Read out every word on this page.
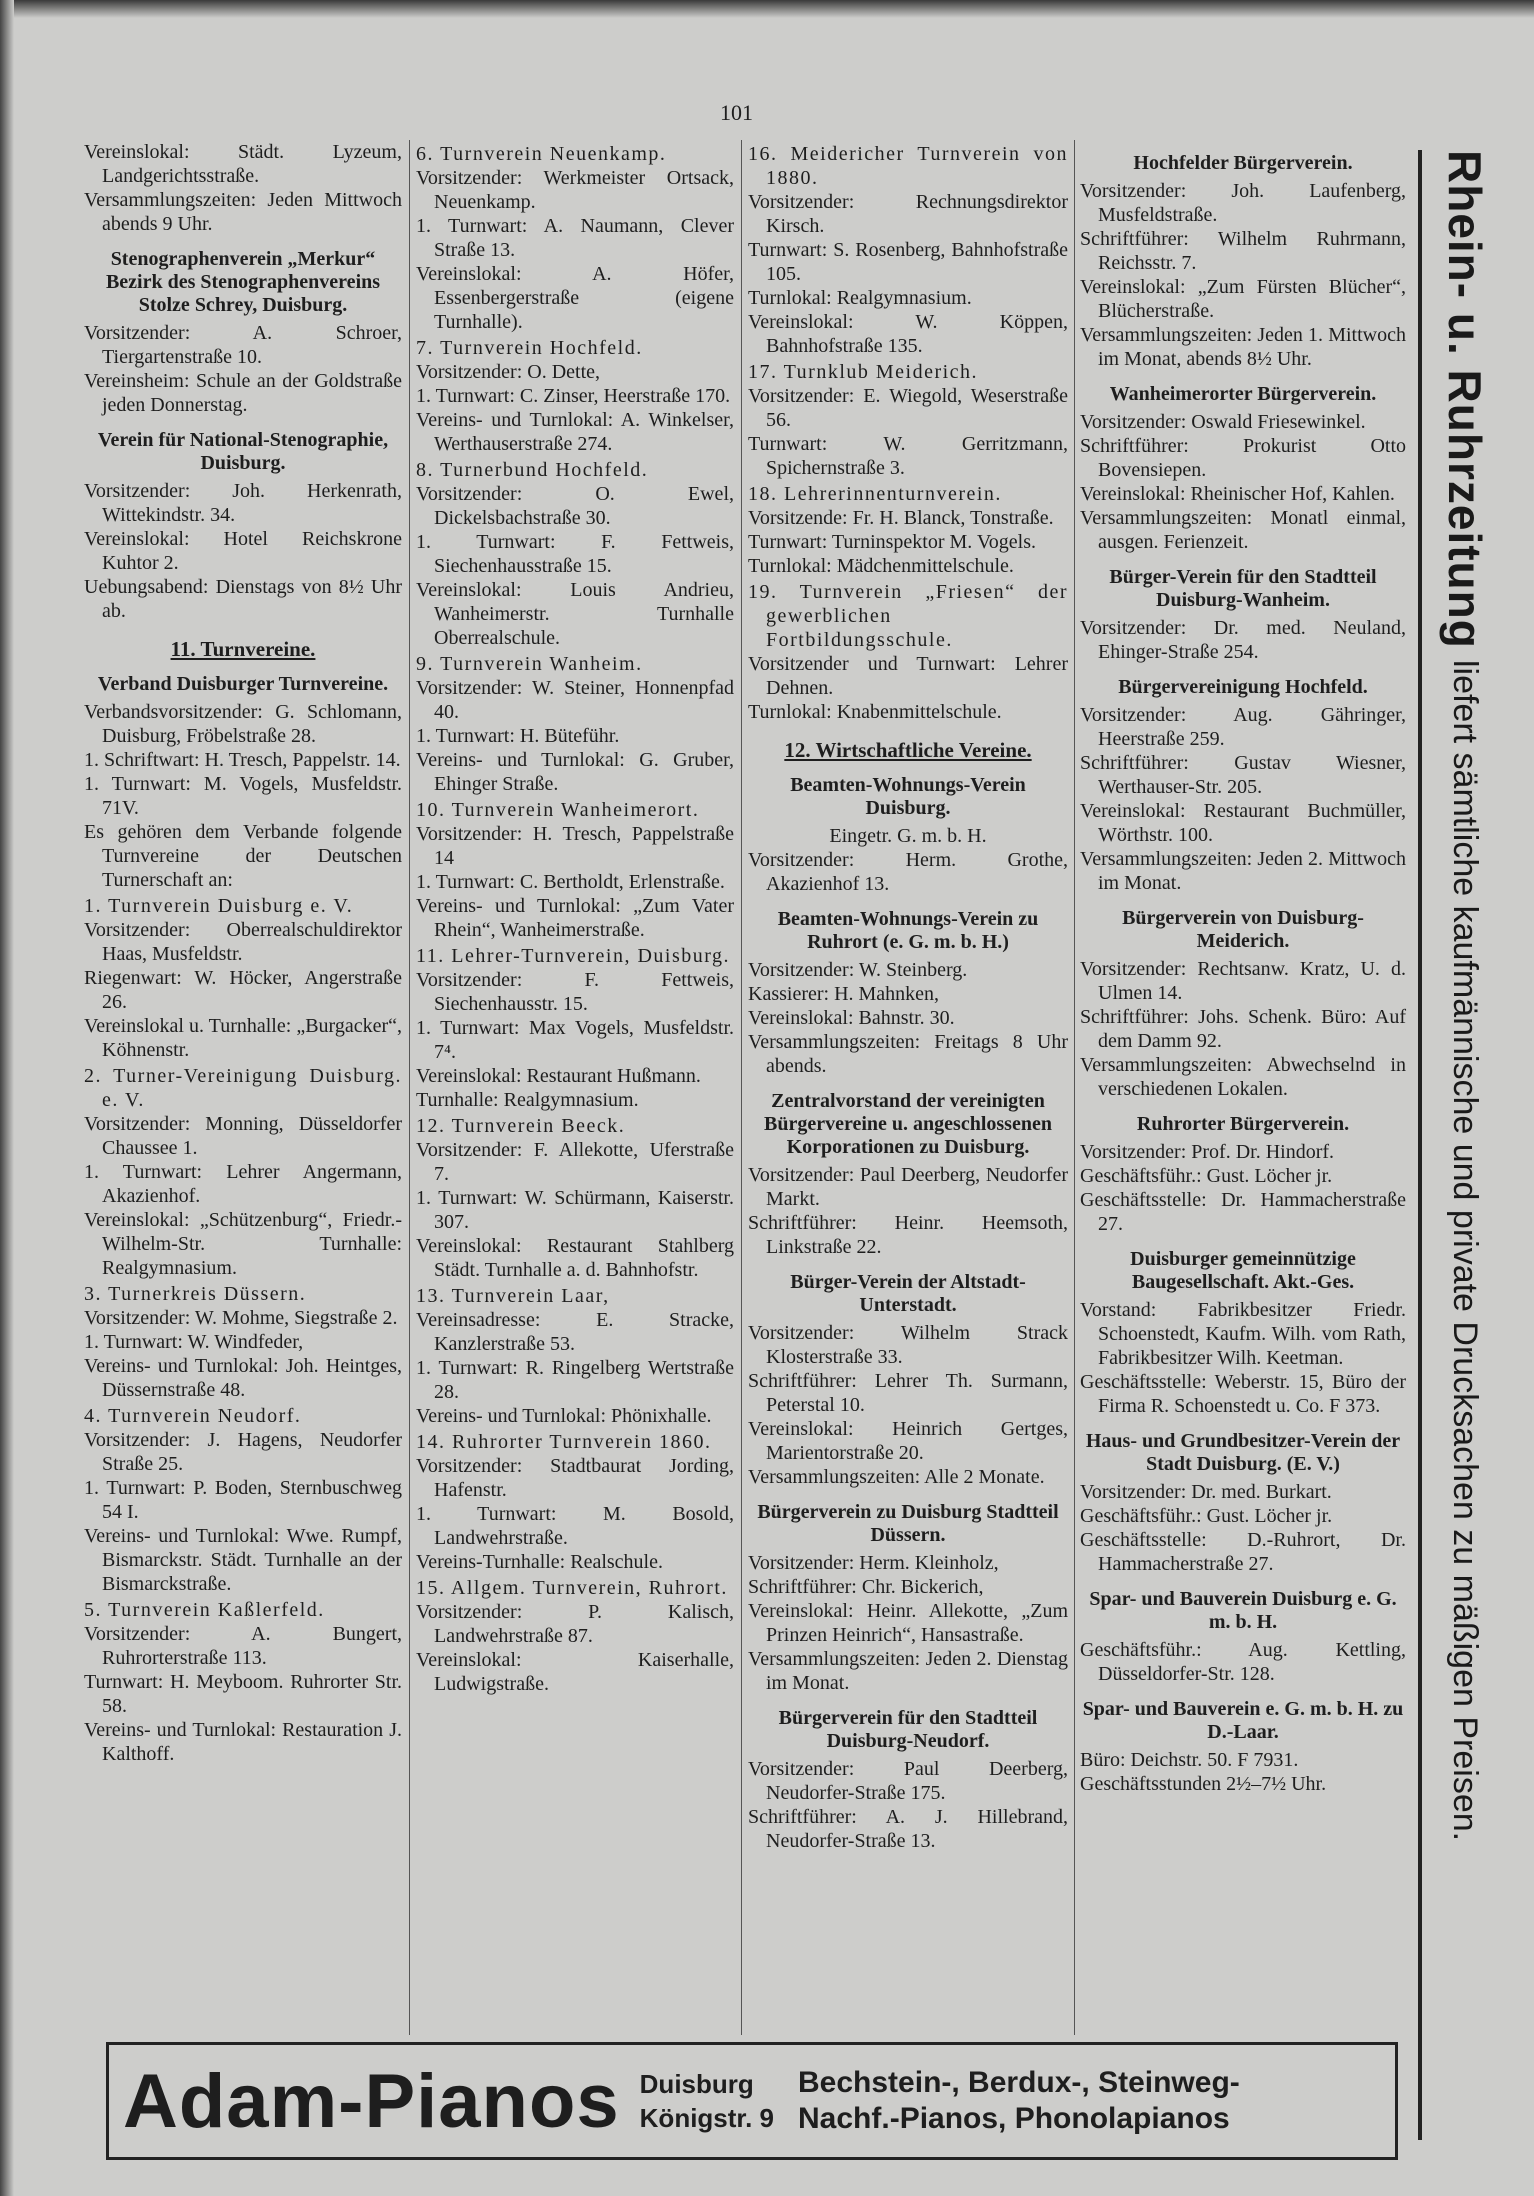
101
Vereinslokal: Städt. Lyzeum, Landgerichtsstraße.
Versammlungszeiten: Jeden Mittwoch abends 9 Uhr.
Stenographenverein „Merkur“ Bezirk des Stenographenvereins Stolze Schrey, Duisburg.
Vorsitzender: A. Schroer, Tiergartenstraße 10.
Vereinsheim: Schule an der Goldstraße jeden Donnerstag.
Verein für National-Stenographie, Duisburg.
Vorsitzender: Joh. Herkenrath, Wittekindstr. 34.
Vereinslokal: Hotel Reichskrone Kuhtor 2.
Uebungsabend: Dienstags von 8½ Uhr ab.
11. Turnvereine.
Verband Duisburger Turnvereine.
Verbandsvorsitzender: G. Schlomann, Duisburg, Fröbelstraße 28.
1. Schriftwart: H. Tresch, Pappelstr. 14.
1. Turnwart: M. Vogels, Musfeldstr. 71V.
Es gehören dem Verbande folgende Turnvereine der Deutschen Turnerschaft an:
1. Turnverein Duisburg e. V.
Vorsitzender: Oberrealschuldirektor Haas, Musfeldstr.
Riegenwart: W. Höcker, Angerstraße 26.
Vereinslokal u. Turnhalle: „Burgacker“, Köhnenstr.
2. Turner-Vereinigung Duisburg. e. V.
Vorsitzender: Monning, Düsseldorfer Chaussee 1.
1. Turnwart: Lehrer Angermann, Akazienhof.
Vereinslokal: „Schützenburg“, Friedr.-Wilhelm-Str. Turnhalle: Realgymnasium.
3. Turnerkreis Düssern.
Vorsitzender: W. Mohme, Siegstraße 2.
1. Turnwart: W. Windfeder,
Vereins- und Turnlokal: Joh. Heintges, Düssernstraße 48.
4. Turnverein Neudorf.
Vorsitzender: J. Hagens, Neudorfer Straße 25.
1. Turnwart: P. Boden, Sternbuschweg 54 I.
Vereins- und Turnlokal: Wwe. Rumpf, Bismarckstr. Städt. Turnhalle an der Bismarckstraße.
5. Turnverein Kaßlerfeld.
Vorsitzender: A. Bungert, Ruhrorterstraße 113.
Turnwart: H. Meyboom. Ruhrorter Str. 58.
Vereins- und Turnlokal: Restauration J. Kalthoff.
6. Turnverein Neuenkamp.
Vorsitzender: Werkmeister Ortsack, Neuenkamp.
1. Turnwart: A. Naumann, Clever Straße 13.
Vereinslokal: A. Höfer, Essenbergerstraße (eigene Turnhalle).
7. Turnverein Hochfeld.
Vorsitzender: O. Dette,
1. Turnwart: C. Zinser, Heerstraße 170.
Vereins- und Turnlokal: A. Winkelser, Werthauserstraße 274.
8. Turnerbund Hochfeld.
Vorsitzender: O. Ewel, Dickelsbachstraße 30.
1. Turnwart: F. Fettweis, Siechenhausstraße 15.
Vereinslokal: Louis Andrieu, Wanheimerstr. Turnhalle Oberrealschule.
9. Turnverein Wanheim.
Vorsitzender: W. Steiner, Honnenpfad 40.
1. Turnwart: H. Büteführ.
Vereins- und Turnlokal: G. Gruber, Ehinger Straße.
10. Turnverein Wanheimerort.
Vorsitzender: H. Tresch, Pappelstraße 14
1. Turnwart: C. Bertholdt, Erlenstraße.
Vereins- und Turnlokal: „Zum Vater Rhein“, Wanheimerstraße.
11. Lehrer-Turnverein, Duisburg.
Vorsitzender: F. Fettweis, Siechenhausstr. 15.
1. Turnwart: Max Vogels, Musfeldstr. 7⁴.
Vereinslokal: Restaurant Hußmann.
Turnhalle: Realgymnasium.
12. Turnverein Beeck.
Vorsitzender: F. Allekotte, Uferstraße 7.
1. Turnwart: W. Schürmann, Kaiserstr. 307.
Vereinslokal: Restaurant Stahlberg Städt. Turnhalle a. d. Bahnhofstr.
13. Turnverein Laar,
Vereinsadresse: E. Stracke, Kanzlerstraße 53.
1. Turnwart: R. Ringelberg Wertstraße 28.
Vereins- und Turnlokal: Phönixhalle.
14. Ruhrorter Turnverein 1860.
Vorsitzender: Stadtbaurat Jording, Hafenstr.
1. Turnwart: M. Bosold, Landwehrstraße.
Vereins-Turnhalle: Realschule.
15. Allgem. Turnverein, Ruhrort.
Vorsitzender: P. Kalisch, Landwehrstraße 87.
Vereinslokal: Kaiserhalle, Ludwigstraße.
16. Meidericher Turnverein von 1880.
Vorsitzender: Rechnungsdirektor Kirsch.
Turnwart: S. Rosenberg, Bahnhofstraße 105.
Turnlokal: Realgymnasium.
Vereinslokal: W. Köppen, Bahnhofstraße 135.
17. Turnklub Meiderich.
Vorsitzender: E. Wiegold, Weserstraße 56.
Turnwart: W. Gerritzmann, Spichernstraße 3.
18. Lehrerinnenturnverein.
Vorsitzende: Fr. H. Blanck, Tonstraße.
Turnwart: Turninspektor M. Vogels.
Turnlokal: Mädchenmittelschule.
19. Turnverein „Friesen“ der gewerblichen Fortbildungsschule.
Vorsitzender und Turnwart: Lehrer Dehnen.
Turnlokal: Knabenmittelschule.
12. Wirtschaftliche Vereine.
Beamten-Wohnungs-Verein Duisburg.
Eingetr. G. m. b. H.
Vorsitzender: Herm. Grothe, Akazienhof 13.
Beamten-Wohnungs-Verein zu Ruhrort (e. G. m. b. H.)
Vorsitzender: W. Steinberg.
Kassierer: H. Mahnken,
Vereinslokal: Bahnstr. 30.
Versammlungszeiten: Freitags 8 Uhr abends.
Zentralvorstand der vereinigten Bürgervereine u. angeschlossenen Korporationen zu Duisburg.
Vorsitzender: Paul Deerberg, Neudorfer Markt.
Schriftführer: Heinr. Heemsoth, Linkstraße 22.
Bürger-Verein der Altstadt-Unterstadt.
Vorsitzender: Wilhelm Strack Klosterstraße 33.
Schriftführer: Lehrer Th. Surmann, Peterstal 10.
Vereinslokal: Heinrich Gertges, Marientorstraße 20.
Versammlungszeiten: Alle 2 Monate.
Bürgerverein zu Duisburg Stadtteil Düssern.
Vorsitzender: Herm. Kleinholz,
Schriftführer: Chr. Bickerich,
Vereinslokal: Heinr. Allekotte, „Zum Prinzen Heinrich“, Hansastraße.
Versammlungszeiten: Jeden 2. Dienstag im Monat.
Bürgerverein für den Stadtteil Duisburg-Neudorf.
Vorsitzender: Paul Deerberg, Neudorfer-Straße 175.
Schriftführer: A. J. Hillebrand, Neudorfer-Straße 13.
Hochfelder Bürgerverein.
Vorsitzender: Joh. Laufenberg, Musfeldstraße.
Schriftführer: Wilhelm Ruhrmann, Reichsstr. 7.
Vereinslokal: „Zum Fürsten Blücher“, Blücherstraße.
Versammlungszeiten: Jeden 1. Mittwoch im Monat, abends 8½ Uhr.
Wanheimerorter Bürgerverein.
Vorsitzender: Oswald Friesewinkel.
Schriftführer: Prokurist Otto Bovensiepen.
Vereinslokal: Rheinischer Hof, Kahlen.
Versammlungszeiten: Monatl einmal, ausgen. Ferienzeit.
Bürger-Verein für den Stadtteil Duisburg-Wanheim.
Vorsitzender: Dr. med. Neuland, Ehinger-Straße 254.
Bürgervereinigung Hochfeld.
Vorsitzender: Aug. Gähringer, Heerstraße 259.
Schriftführer: Gustav Wiesner, Werthauser-Str. 205.
Vereinslokal: Restaurant Buchmüller, Wörthstr. 100.
Versammlungszeiten: Jeden 2. Mittwoch im Monat.
Bürgerverein von Duisburg-Meiderich.
Vorsitzender: Rechtsanw. Kratz, U. d. Ulmen 14.
Schriftführer: Johs. Schenk. Büro: Auf dem Damm 92.
Versammlungszeiten: Abwechselnd in verschiedenen Lokalen.
Ruhrorter Bürgerverein.
Vorsitzender: Prof. Dr. Hindorf.
Geschäftsführ.: Gust. Löcher jr.
Geschäftsstelle: Dr. Hammacherstraße 27.
Duisburger gemeinnützige Baugesellschaft. Akt.-Ges.
Vorstand: Fabrikbesitzer Friedr. Schoenstedt, Kaufm. Wilh. vom Rath, Fabrikbesitzer Wilh. Keetman.
Geschäftsstelle: Weberstr. 15, Büro der Firma R. Schoenstedt u. Co. F 373.
Haus- und Grundbesitzer-Verein der Stadt Duisburg. (E. V.)
Vorsitzender: Dr. med. Burkart.
Geschäftsführ.: Gust. Löcher jr.
Geschäftsstelle: D.-Ruhrort, Dr. Hammacherstraße 27.
Spar- und Bauverein Duisburg e. G. m. b. H.
Geschäftsführ.: Aug. Kettling, Düsseldorfer-Str. 128.
Spar- und Bauverein e. G. m. b. H. zu D.-Laar.
Büro: Deichstr. 50. F 7931.
Geschäftsstunden 2½–7½ Uhr.
Rhein- u. Ruhrzeitung liefert sämtliche kaufmännische und private Drucksachen zu mäßigen Preisen.
Adam-Pianos Duisburg
Königstr. 9
Bechstein-, Berdux-, Steinweg-
Nachf.-Pianos, Phonolapianos
